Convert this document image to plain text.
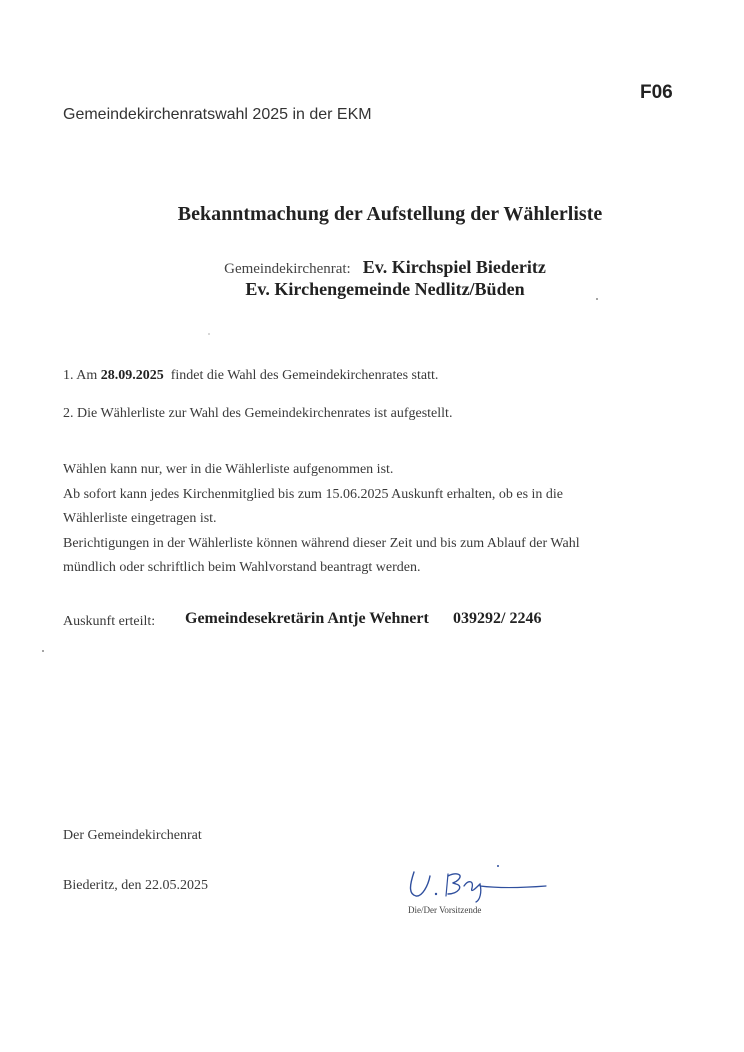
F06
Gemeindekirchenratswahl 2025 in der EKM
Bekanntmachung der Aufstellung der Wählerliste
Gemeindekirchenrat: Ev. Kirchspiel Biederitz
Ev. Kirchengemeinde Nedlitz/Büden
1. Am 28.09.2025 findet die Wahl des Gemeindekirchenrates statt.
2. Die Wählerliste zur Wahl des Gemeindekirchenrates ist aufgestellt.
Wählen kann nur, wer in die Wählerliste aufgenommen ist.
Ab sofort kann jedes Kirchenmitglied bis zum 15.06.2025 Auskunft erhalten, ob es in die
Wählerliste eingetragen ist.
Berichtigungen in der Wählerliste können während dieser Zeit und bis zum Ablauf der Wahl
mündlich oder schriftlich beim Wahlvorstand beantragt werden.
Auskunft erteilt: Gemeindesekretärin Antje Wehnert 039292/ 2246
Der Gemeindekirchenrat
Biederitz, den 22.05.2025
Die/Der Vorsitzende
